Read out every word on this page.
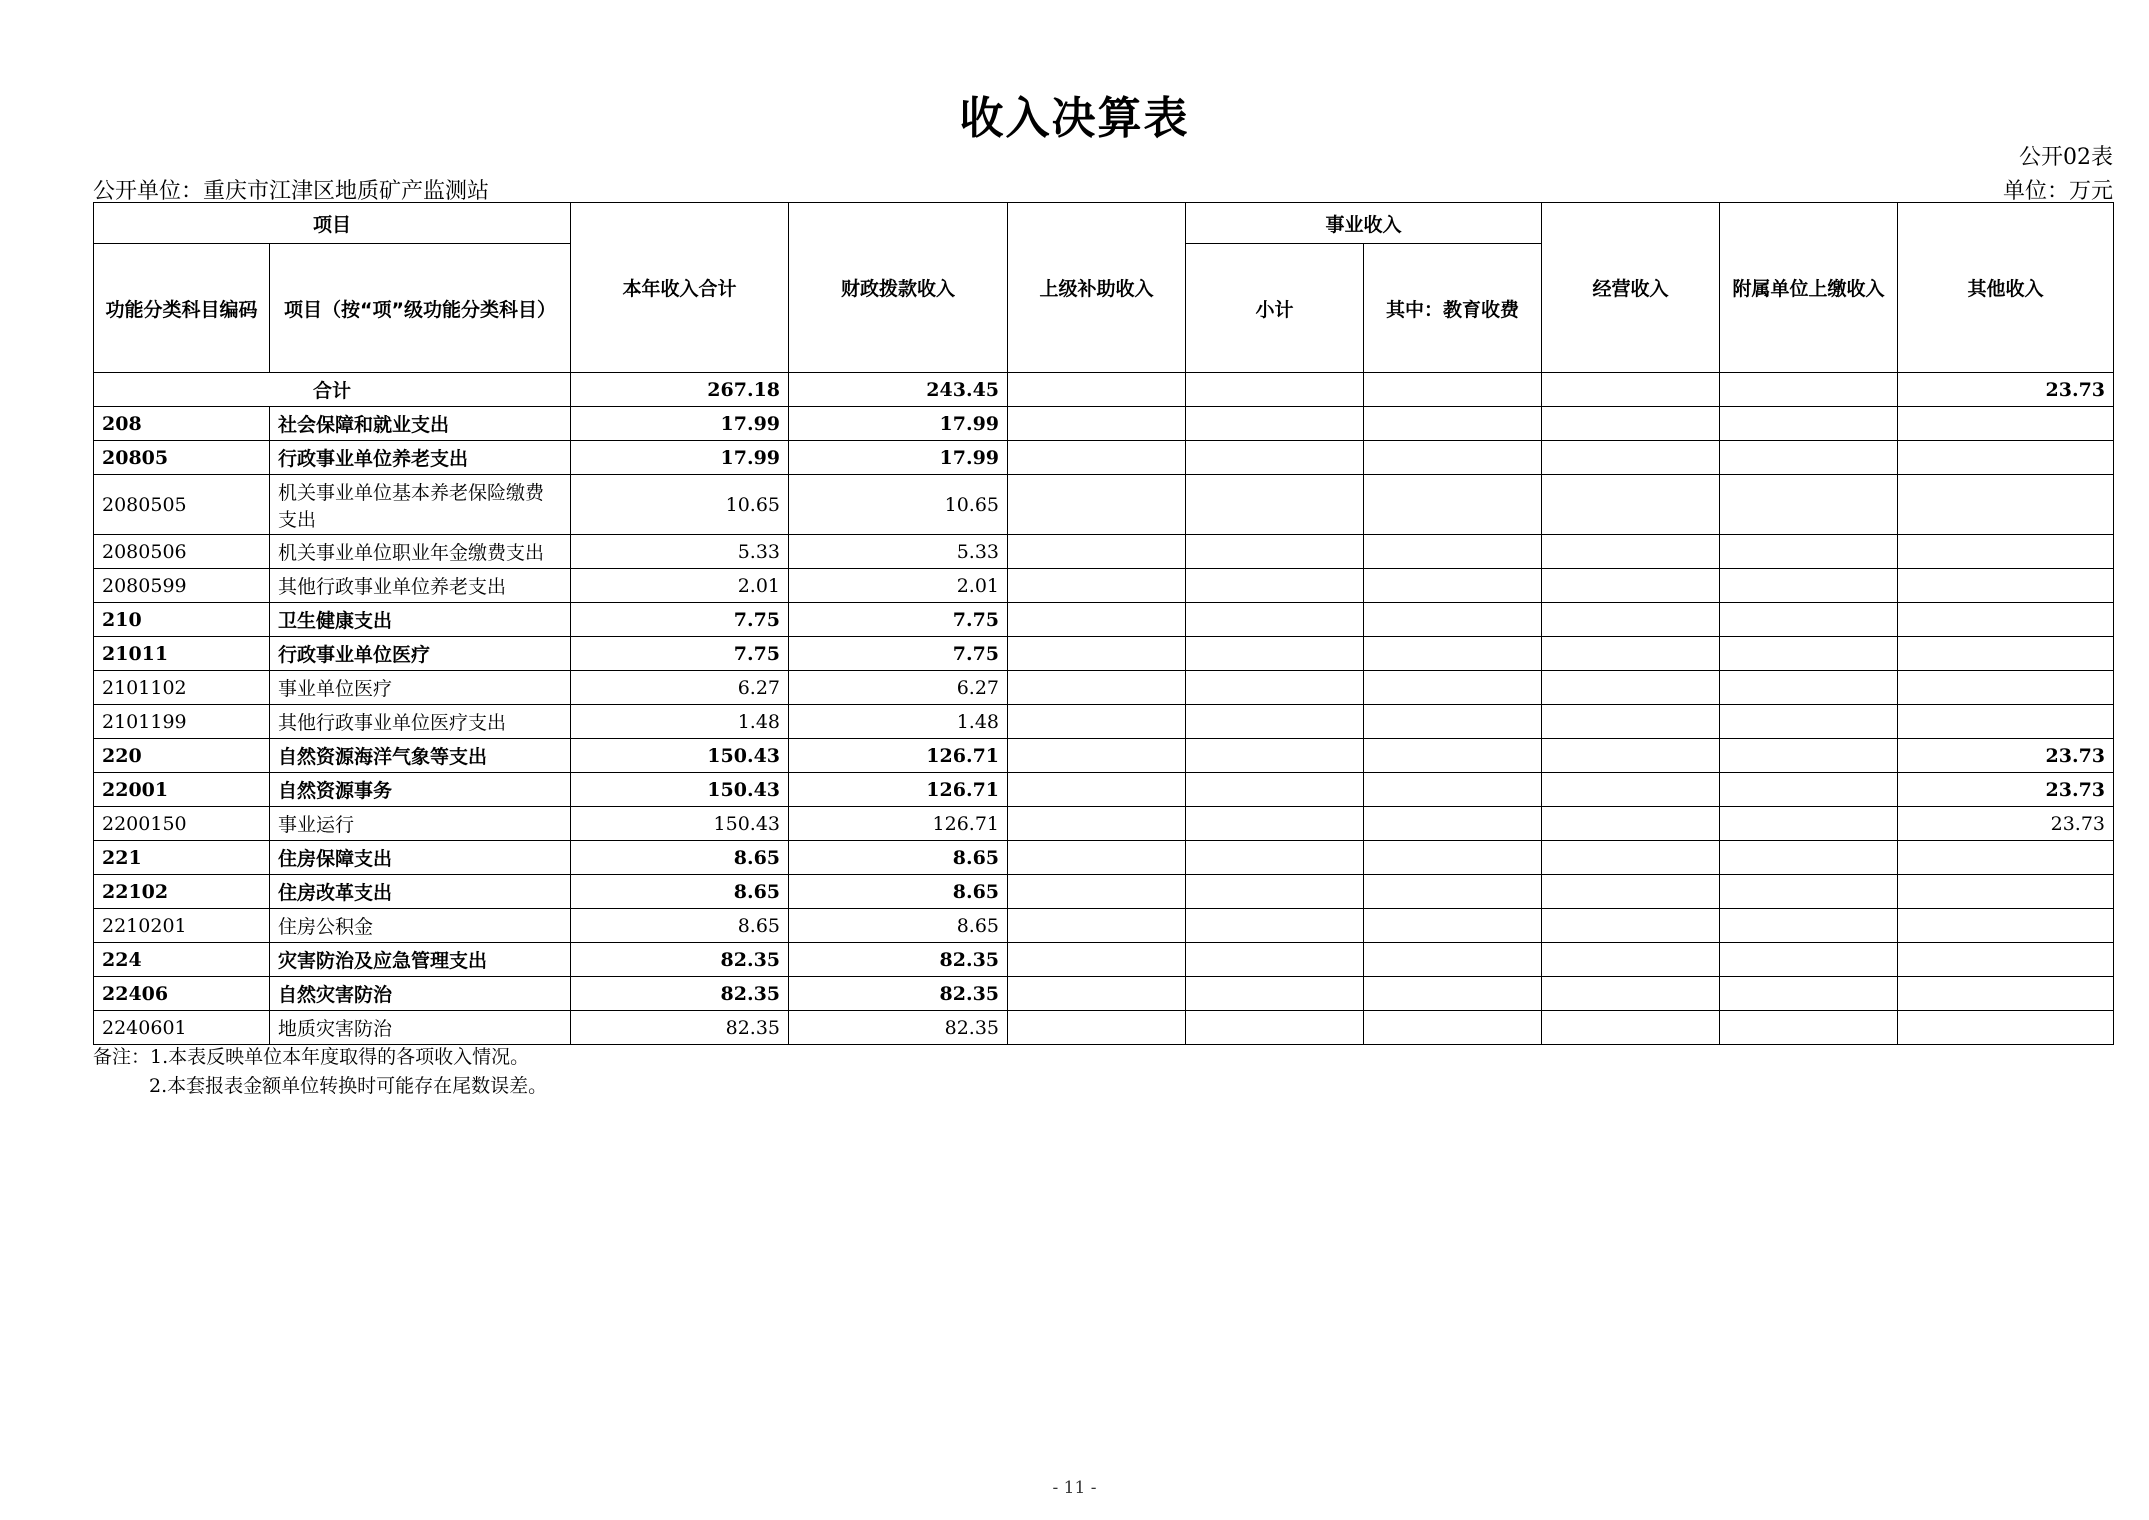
收入决算表
公开02表
公开单位：重庆市江津区地质矿产监测站	单位：万元
项目		本年收入合计	财政拨款收入	上级补助收入	事业收入		经营收入	附属单位上缴收入	其他收入
功能分类科目编码	项目（按“项”级功能分类科目）				小计	其中：教育收费			
合计		267.18	243.45						23.73
208	社会保障和就业支出	17.99	17.99						
20805	行政事业单位养老支出	17.99	17.99						
2080505	机关事业单位基本养老保险缴费支出	10.65	10.65						
2080506	机关事业单位职业年金缴费支出	5.33	5.33						
2080599	其他行政事业单位养老支出	2.01	2.01						
210	卫生健康支出	7.75	7.75						
21011	行政事业单位医疗	7.75	7.75						
2101102	事业单位医疗	6.27	6.27						
2101199	其他行政事业单位医疗支出	1.48	1.48						
220	自然资源海洋气象等支出	150.43	126.71						23.73
22001	自然资源事务	150.43	126.71						23.73
2200150	事业运行	150.43	126.71						23.73
221	住房保障支出	8.65	8.65						
22102	住房改革支出	8.65	8.65						
2210201	住房公积金	8.65	8.65						
224	灾害防治及应急管理支出	82.35	82.35						
22406	自然灾害防治	82.35	82.35						
2240601	地质灾害防治	82.35	82.35						
备注：1.本表反映单位本年度取得的各项收入情况。
2.本套报表金额单位转换时可能存在尾数误差。
- 11 -
